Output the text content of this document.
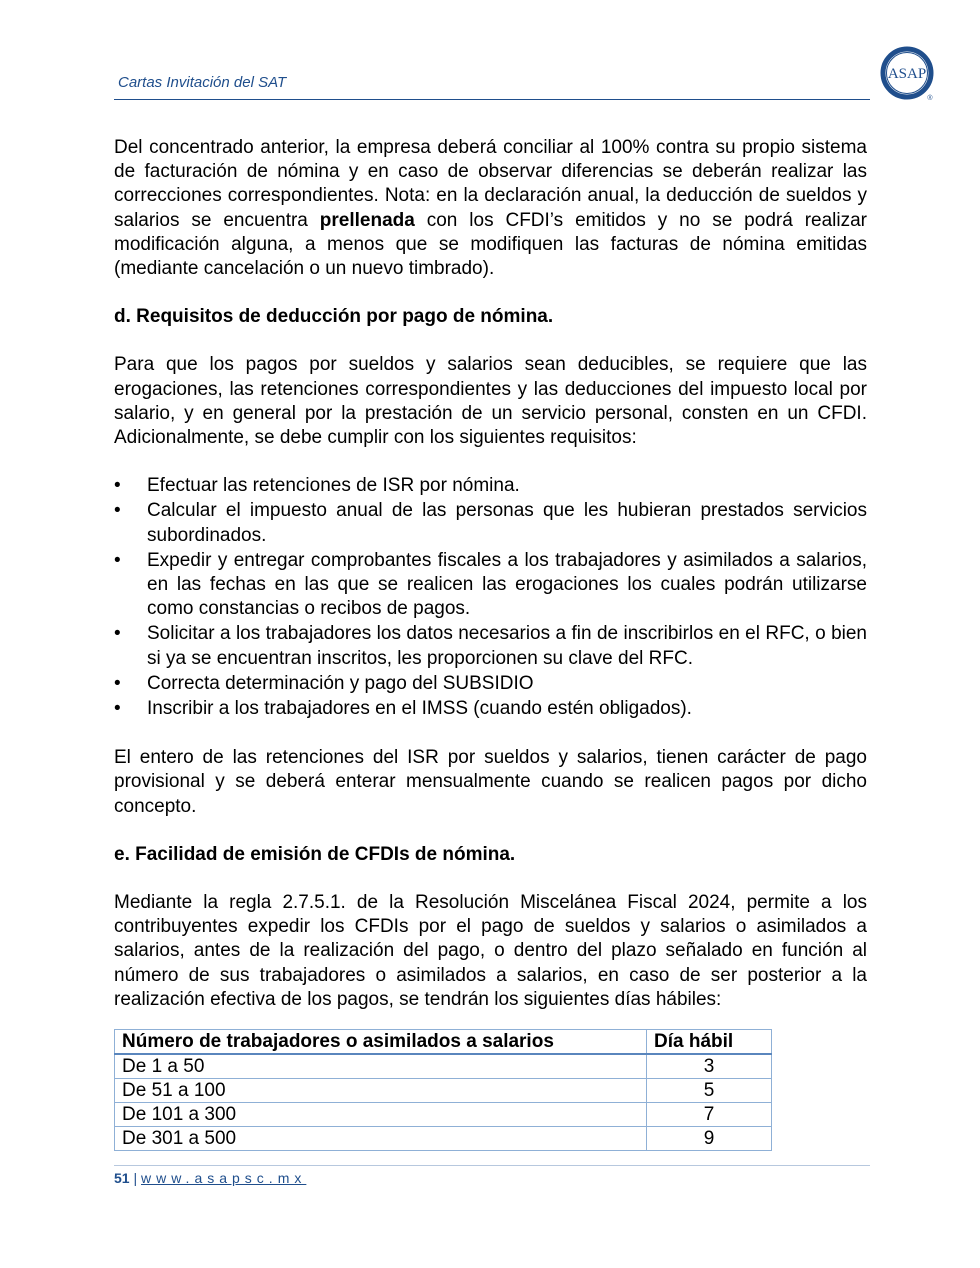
Cartas Invitación del SAT	ASAP
®

Del concentrado anterior, la empresa deberá conciliar al 100% contra su propio sistema de facturación de nómina y en caso de observar diferencias se deberán realizar las correcciones correspondientes. Nota: en la declaración anual, la deducción de sueldos y salarios se encuentra prellenada con los CFDI’s emitidos y no se podrá realizar modificación alguna, a menos que se modifiquen las facturas de nómina emitidas (mediante cancelación o un nuevo timbrado).

d. Requisitos de deducción por pago de nómina.

Para que los pagos por sueldos y salarios sean deducibles, se requiere que las erogaciones, las retenciones correspondientes y las deducciones del impuesto local por salario, y en general por la prestación de un servicio personal, consten en un CFDI. Adicionalmente, se debe cumplir con los siguientes requisitos:

• Efectuar las retenciones de ISR por nómina.
• Calcular el impuesto anual de las personas que les hubieran prestados servicios subordinados.
• Expedir y entregar comprobantes fiscales a los trabajadores y asimilados a salarios, en las fechas en las que se realicen las erogaciones los cuales podrán utilizarse como constancias o recibos de pagos.
• Solicitar a los trabajadores los datos necesarios a fin de inscribirlos en el RFC, o bien si ya se encuentran inscritos, les proporcionen su clave del RFC.
• Correcta determinación y pago del SUBSIDIO
• Inscribir a los trabajadores en el IMSS (cuando estén obligados).

El entero de las retenciones del ISR por sueldos y salarios, tienen carácter de pago provisional y se deberá enterar mensualmente cuando se realicen pagos por dicho concepto.

e. Facilidad de emisión de CFDIs de nómina.

Mediante la regla 2.7.5.1. de la Resolución Miscelánea Fiscal 2024, permite a los contribuyentes expedir los CFDIs por el pago de sueldos y salarios o asimilados a salarios, antes de la realización del pago, o dentro del plazo señalado en función al número de sus trabajadores o asimilados a salarios, en caso de ser posterior a la realización efectiva de los pagos, se tendrán los siguientes días hábiles:

Número de trabajadores o asimilados a salarios	Día hábil
De 1 a 50	3
De 51 a 100	5
De 101 a 300	7
De 301 a 500	9
51 | www.asapsc.mx
